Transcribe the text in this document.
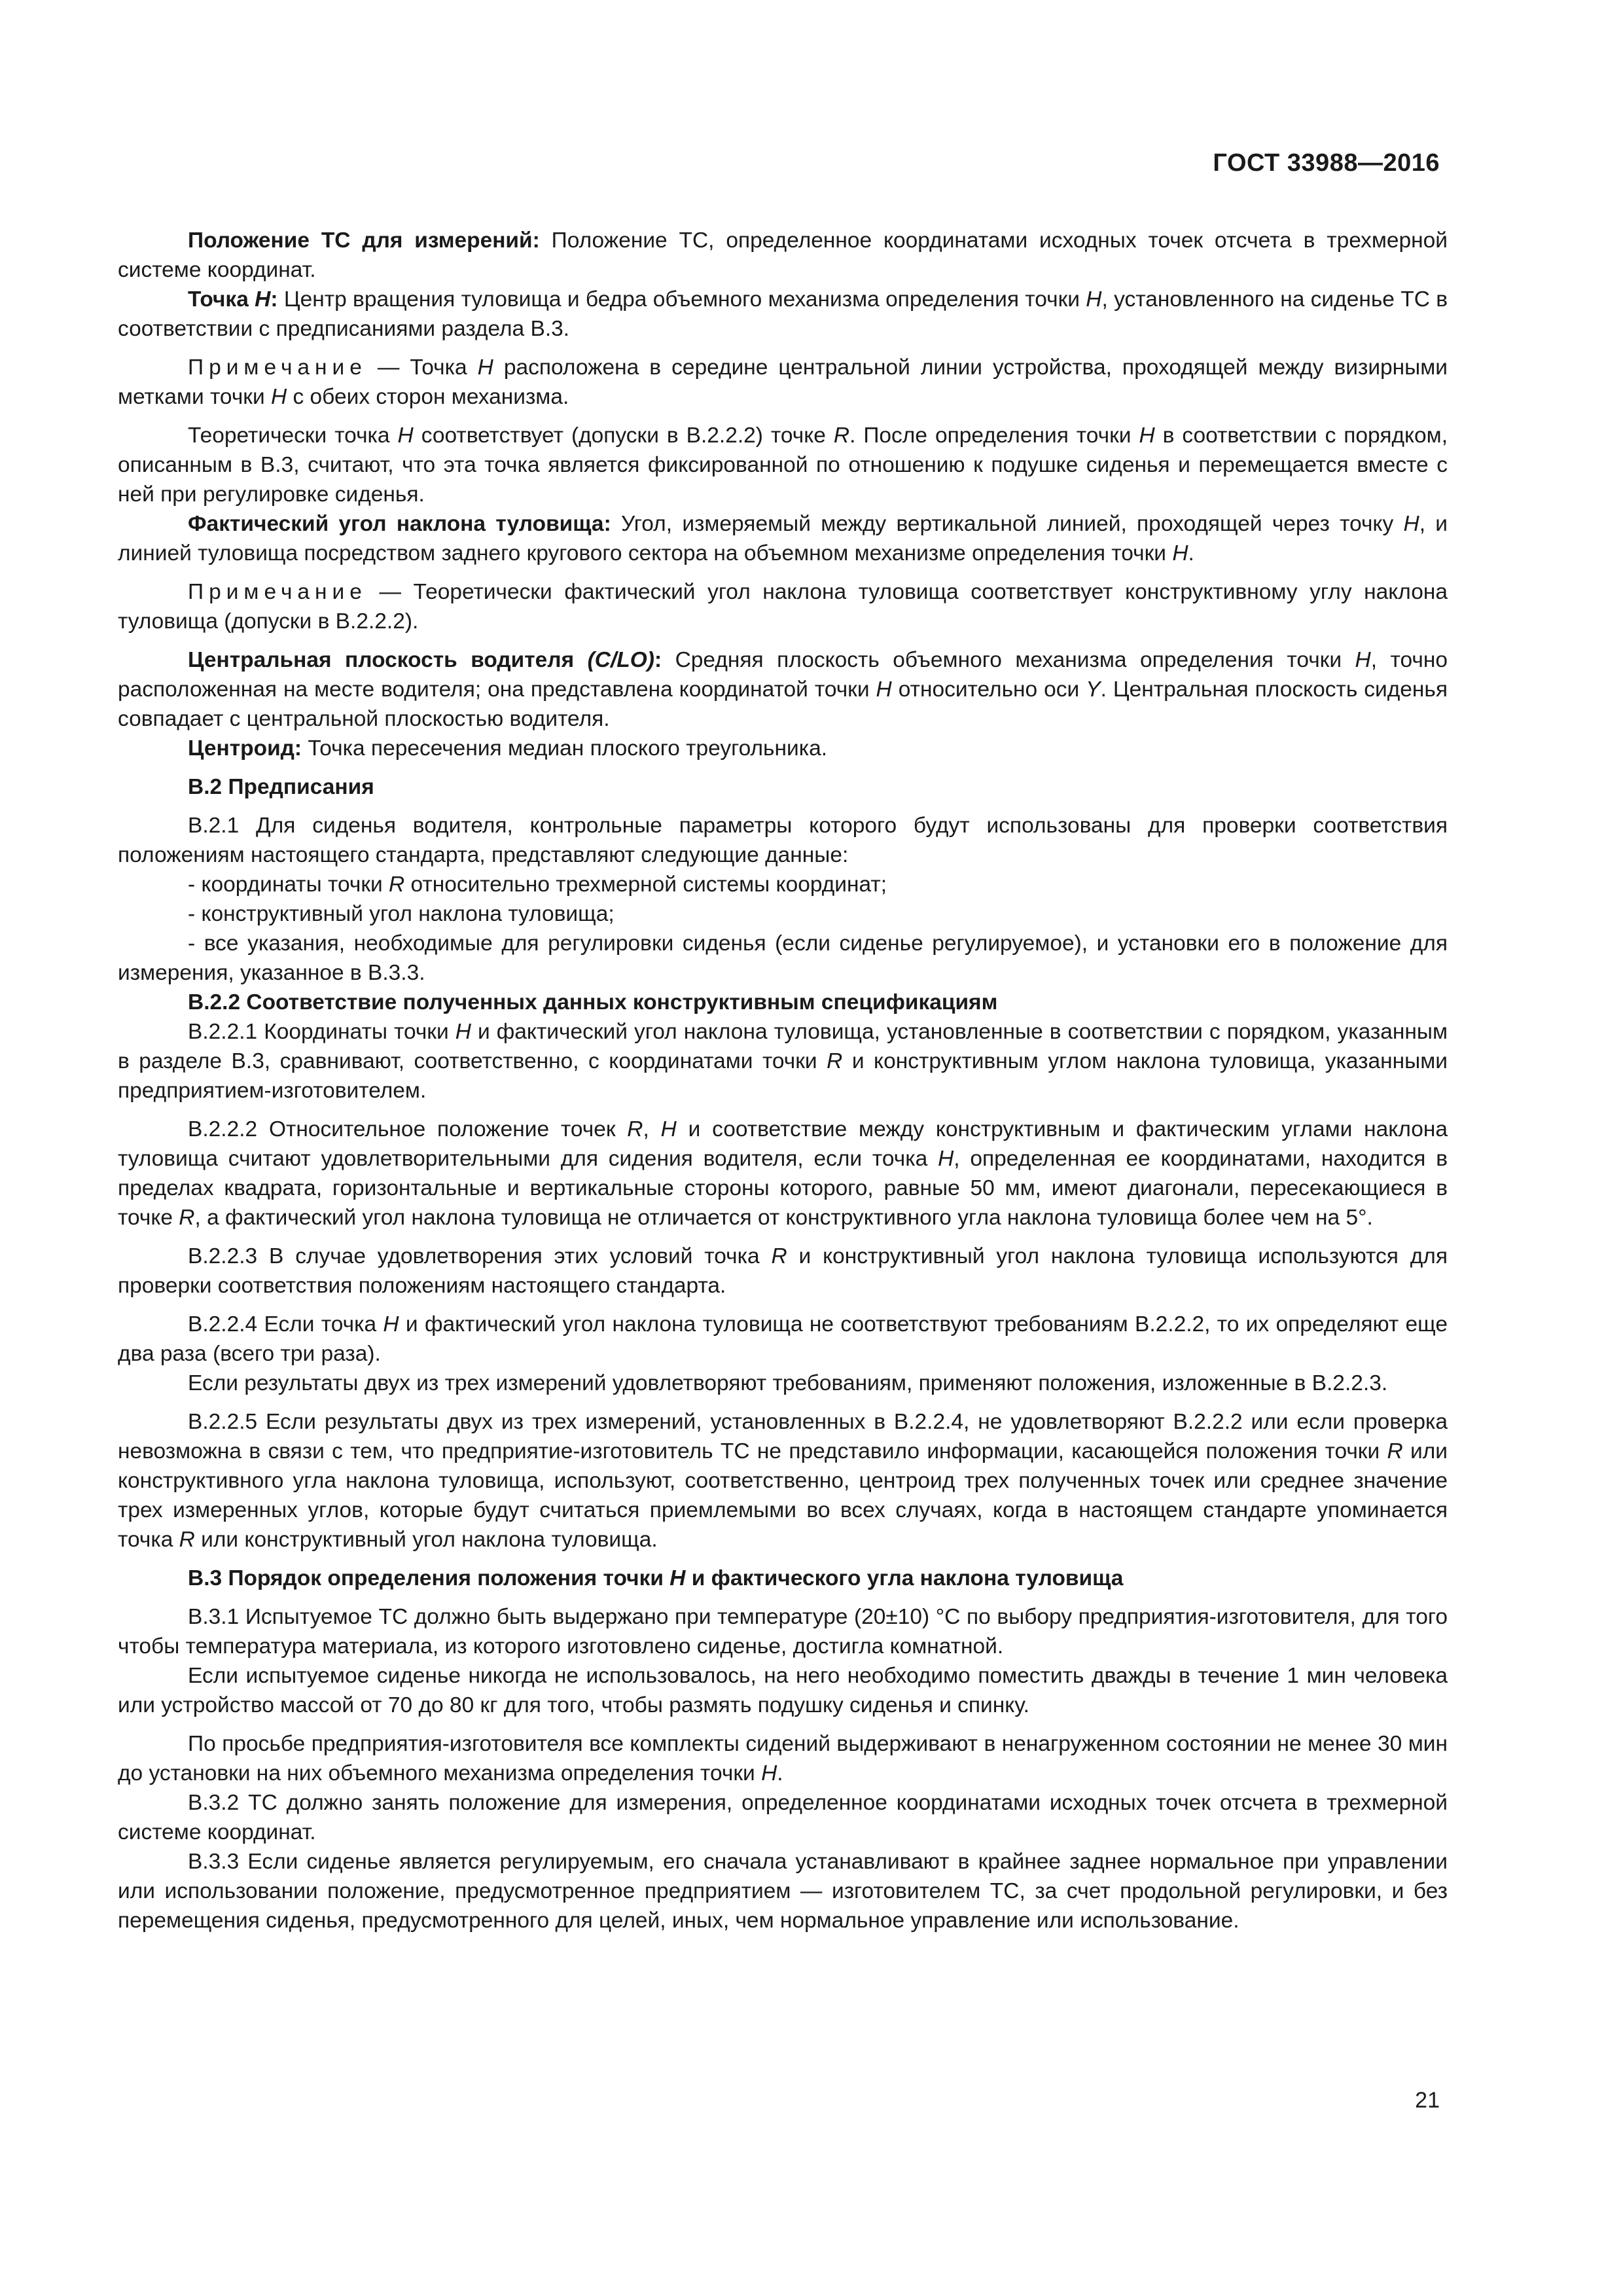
ГОСТ 33988—2016

Положение ТС для измерений: Положение ТС, определенное координатами исходных точек отсчета в трехмерной системе координат.

Точка H: Центр вращения туловища и бедра объемного механизма определения точки H, установленного на сиденье ТС в соответствии с предписаниями раздела В.3.

Примечание — Точка H расположена в середине центральной линии устройства, проходящей между визирными метками точки H с обеих сторон механизма.

Теоретически точка H соответствует (допуски в В.2.2.2) точке R. После определения точки H в соответствии с порядком, описанным в В.3, считают, что эта точка является фиксированной по отношению к подушке сиденья и перемещается вместе с ней при регулировке сиденья.

Фактический угол наклона туловища: Угол, измеряемый между вертикальной линией, проходящей через точку H, и линией туловища посредством заднего кругового сектора на объемном механизме определения точки H.

Примечание — Теоретически фактический угол наклона туловища соответствует конструктивному углу наклона туловища (допуски в В.2.2.2).

Центральная плоскость водителя (C/LO): Средняя плоскость объемного механизма определения точки H, точно расположенная на месте водителя; она представлена координатой точки H относительно оси Y. Центральная плоскость сиденья совпадает с центральной плоскостью водителя.

Центроид: Точка пересечения медиан плоского треугольника.

В.2 Предписания

В.2.1 Для сиденья водителя, контрольные параметры которого будут использованы для проверки соответствия положениям настоящего стандарта, представляют следующие данные:

- координаты точки R относительно трехмерной системы координат;

- конструктивный угол наклона туловища;

- все указания, необходимые для регулировки сиденья (если сиденье регулируемое), и установки его в положение для измерения, указанное в В.3.3.

В.2.2 Соответствие полученных данных конструктивным спецификациям

В.2.2.1 Координаты точки H и фактический угол наклона туловища, установленные в соответствии с порядком, указанным в разделе В.3, сравнивают, соответственно, с координатами точки R и конструктивным углом наклона туловища, указанными предприятием-изготовителем.

В.2.2.2 Относительное положение точек R, H и соответствие между конструктивным и фактическим углами наклона туловища считают удовлетворительными для сидения водителя, если точка H, определенная ее координатами, находится в пределах квадрата, горизонтальные и вертикальные стороны которого, равные 50 мм, имеют диагонали, пересекающиеся в точке R, а фактический угол наклона туловища не отличается от конструктивного угла наклона туловища более чем на 5°.

В.2.2.3 В случае удовлетворения этих условий точка R и конструктивный угол наклона туловища используются для проверки соответствия положениям настоящего стандарта.

В.2.2.4 Если точка H и фактический угол наклона туловища не соответствуют требованиям В.2.2.2, то их определяют еще два раза (всего три раза).

Если результаты двух из трех измерений удовлетворяют требованиям, применяют положения, изложенные в В.2.2.3.

В.2.2.5 Если результаты двух из трех измерений, установленных в В.2.2.4, не удовлетворяют В.2.2.2 или если проверка невозможна в связи с тем, что предприятие-изготовитель ТС не представило информации, касающейся положения точки R или конструктивного угла наклона туловища, используют, соответственно, центроид трех полученных точек или среднее значение трех измеренных углов, которые будут считаться приемлемыми во всех случаях, когда в настоящем стандарте упоминается точка R или конструктивный угол наклона туловища.

В.3 Порядок определения положения точки H и фактического угла наклона туловища

В.3.1 Испытуемое ТС должно быть выдержано при температуре (20±10) °С по выбору предприятия-изготовителя, для того чтобы температура материала, из которого изготовлено сиденье, достигла комнатной.

Если испытуемое сиденье никогда не использовалось, на него необходимо поместить дважды в течение 1 мин человека или устройство массой от 70 до 80 кг для того, чтобы размять подушку сиденья и спинку.

По просьбе предприятия-изготовителя все комплекты сидений выдерживают в ненагруженном состоянии не менее 30 мин до установки на них объемного механизма определения точки H.

В.3.2 ТС должно занять положение для измерения, определенное координатами исходных точек отсчета в трехмерной системе координат.

В.3.3 Если сиденье является регулируемым, его сначала устанавливают в крайнее заднее нормальное при управлении или использовании положение, предусмотренное предприятием — изготовителем ТС, за счет продольной регулировки, и без перемещения сиденья, предусмотренного для целей, иных, чем нормальное управление или использование.

21
